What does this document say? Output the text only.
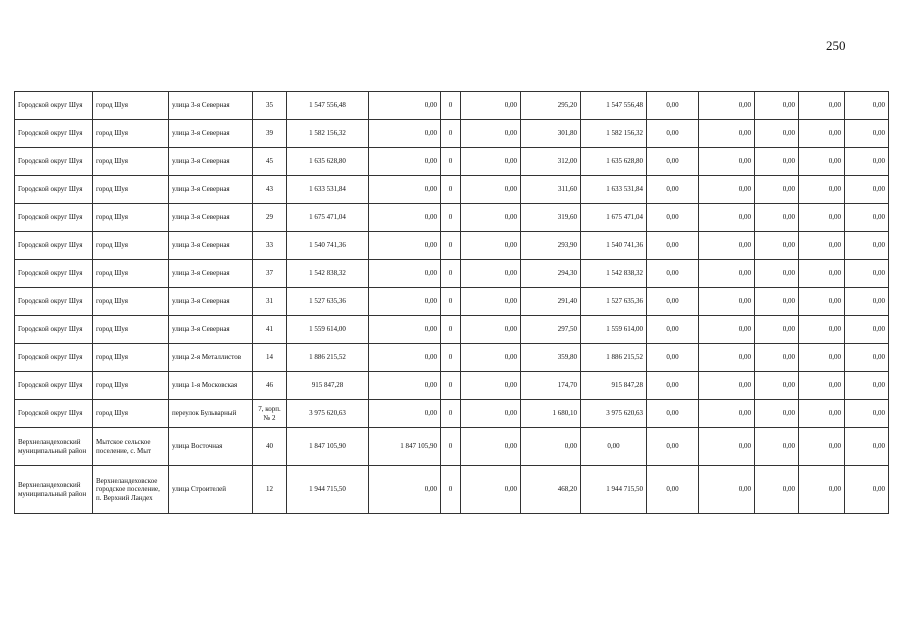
250
Городской округ Шуя	город Шуя	улица 3-я Северная	35	1 547 556,48	0,00	0	0,00	295,20	1 547 556,48	0,00	0,00	0,00	0,00	0,00
Городской округ Шуя	город Шуя	улица 3-я Северная	39	1 582 156,32	0,00	0	0,00	301,80	1 582 156,32	0,00	0,00	0,00	0,00	0,00
Городской округ Шуя	город Шуя	улица 3-я Северная	45	1 635 628,80	0,00	0	0,00	312,00	1 635 628,80	0,00	0,00	0,00	0,00	0,00
Городской округ Шуя	город Шуя	улица 3-я Северная	43	1 633 531,84	0,00	0	0,00	311,60	1 633 531,84	0,00	0,00	0,00	0,00	0,00
Городской округ Шуя	город Шуя	улица 3-я Северная	29	1 675 471,04	0,00	0	0,00	319,60	1 675 471,04	0,00	0,00	0,00	0,00	0,00
Городской округ Шуя	город Шуя	улица 3-я Северная	33	1 540 741,36	0,00	0	0,00	293,90	1 540 741,36	0,00	0,00	0,00	0,00	0,00
Городской округ Шуя	город Шуя	улица 3-я Северная	37	1 542 838,32	0,00	0	0,00	294,30	1 542 838,32	0,00	0,00	0,00	0,00	0,00
Городской округ Шуя	город Шуя	улица 3-я Северная	31	1 527 635,36	0,00	0	0,00	291,40	1 527 635,36	0,00	0,00	0,00	0,00	0,00
Городской округ Шуя	город Шуя	улица 3-я Северная	41	1 559 614,00	0,00	0	0,00	297,50	1 559 614,00	0,00	0,00	0,00	0,00	0,00
Городской округ Шуя	город Шуя	улица 2-я Металлистов	14	1 886 215,52	0,00	0	0,00	359,80	1 886 215,52	0,00	0,00	0,00	0,00	0,00
Городской округ Шуя	город Шуя	улица 1-я Московская	46	915 847,28	0,00	0	0,00	174,70	915 847,28	0,00	0,00	0,00	0,00	0,00
Городской округ Шуя	город Шуя	переулок Бульварный	7, корп. № 2	3 975 620,63	0,00	0	0,00	1 680,10	3 975 620,63	0,00	0,00	0,00	0,00	0,00
Верхнеландеховский муниципальный район	Мытское сельское поселение, с. Мыт	улица Восточная	40	1 847 105,90	1 847 105,90	0	0,00	0,00	0,00	0,00	0,00	0,00	0,00	0,00
Верхнеландеховский муниципальный район	Верхнеландеховское городское поселение, п. Верхний Ландех	улица Строителей	12	1 944 715,50	0,00	0	0,00	468,20	1 944 715,50	0,00	0,00	0,00	0,00	0,00
